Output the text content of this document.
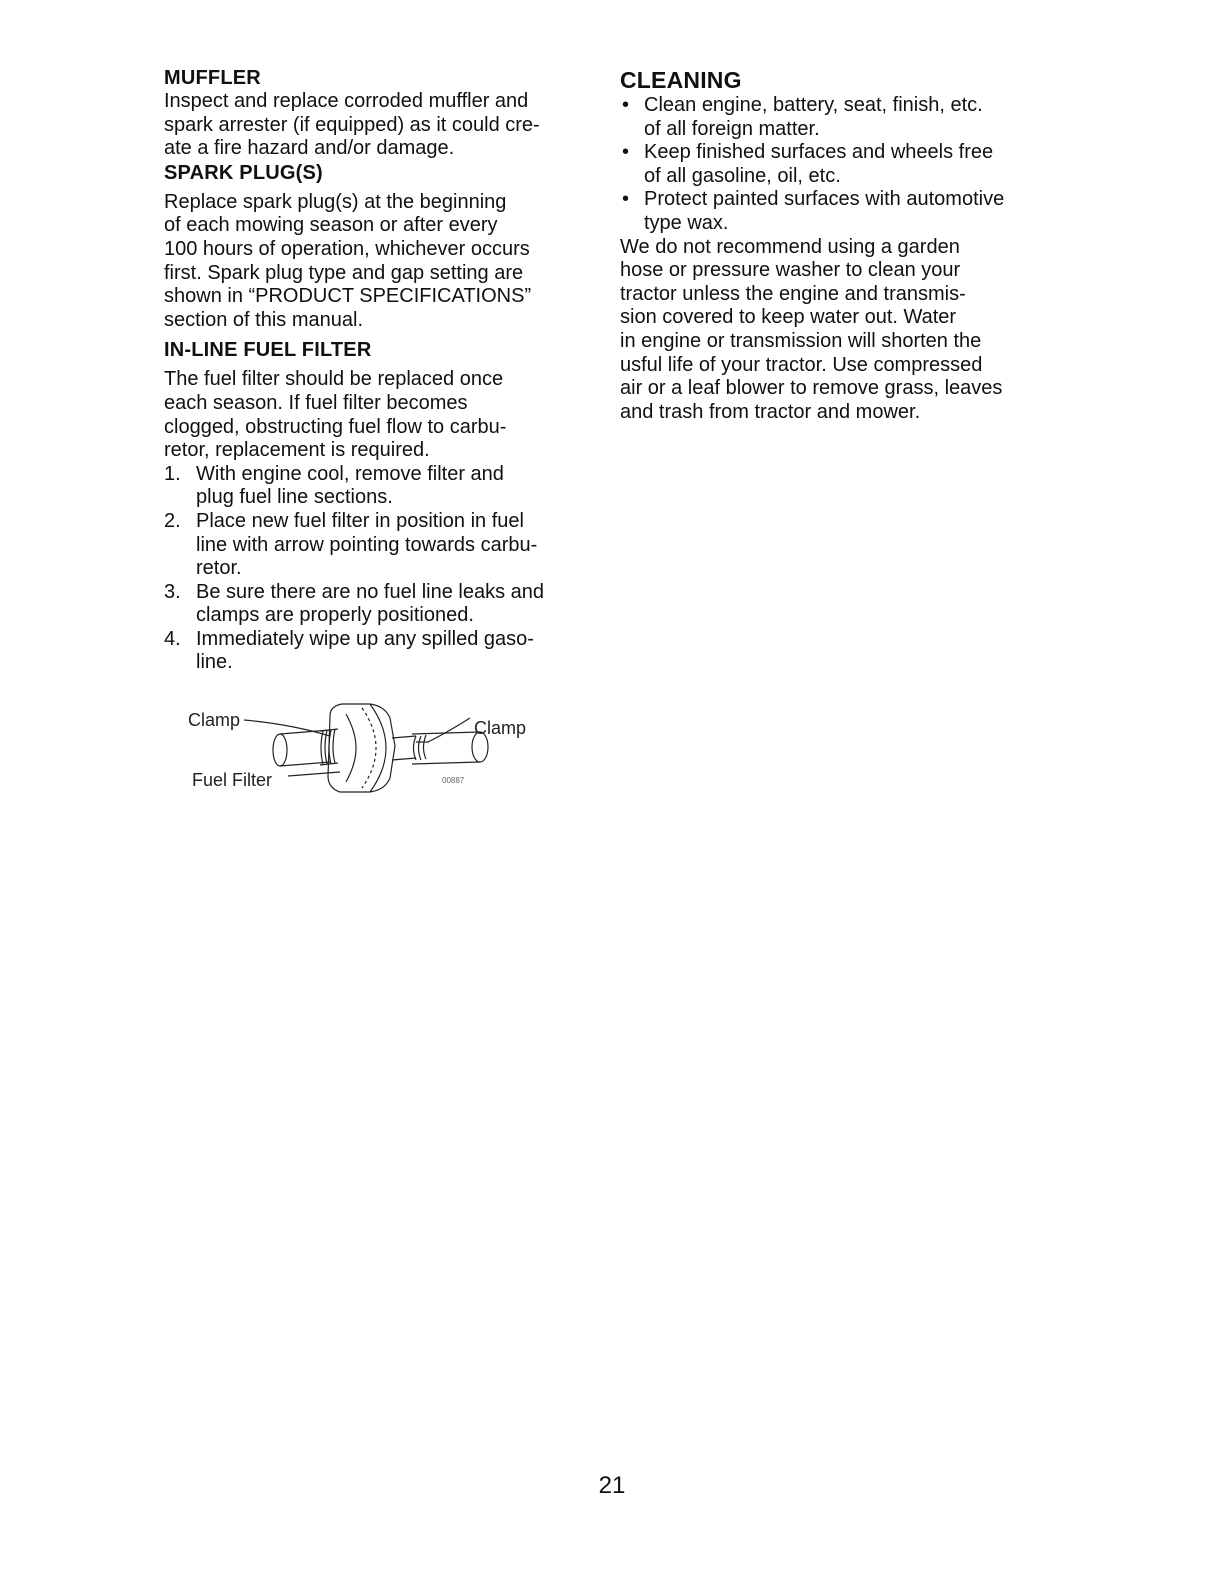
MUFFLER

Inspect and replace corroded muffler and
spark arrester (if equipped) as it could cre-
ate a fire hazard and/or damage.

SPARK PLUG(S)

Replace spark plug(s) at the beginning
of each mowing season or after every
100 hours of operation, whichever occurs
first. Spark plug type and gap setting are
shown in “PRODUCT SPECIFICATIONS”
section of this manual.

IN-LINE FUEL FILTER

The fuel filter should be replaced once
each season. If fuel filter becomes
clogged, obstructing fuel flow to carbu-
retor, replacement is required.

1. With engine cool, remove filter and
plug fuel line sections.
2. Place new fuel filter in position in fuel
line with arrow pointing towards carbu-
retor.
3. Be sure there are no fuel line leaks and
clamps are properly positioned.
4. Immediately wipe up any spilled gaso-
line.
00887
Clamp	Clamp
Fuel Filter
CLEANING
• Clean engine, battery, seat, finish, etc.
of all foreign matter.
• Keep finished surfaces and wheels free
of all gasoline, oil, etc.
• Protect painted surfaces with automotive
type wax.

We do not recommend using a garden
hose or pressure washer to clean your
tractor unless the engine and transmis-
sion covered to keep water out. Water
in engine or transmission will shorten the
usful life of your tractor. Use compressed
air or a leaf blower to remove grass, leaves
and trash from tractor and mower.

21
